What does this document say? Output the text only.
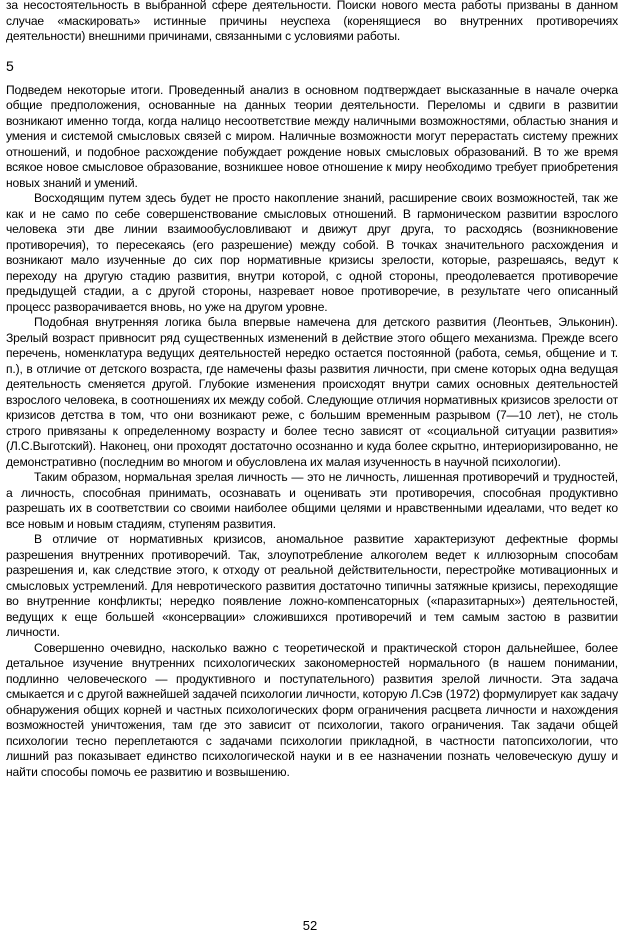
за несостоятельность в выбранной сфере деятельности. Поиски нового места работы призваны в данном случае «маскировать» истинные причины неуспеха (коренящиеся во внутренних противоречиях деятельности) внешними причинами, связанными с условиями работы.

5

Подведем некоторые итоги. Проведенный анализ в основном подтверждает высказанные в начале очерка общие предположения, основанные на данных теории деятельности. Переломы и сдвиги в развитии возникают именно тогда, когда налицо несоответствие между наличными возможностями, областью знания и умения и системой смысловых связей с миром. Наличные возможности могут перерастать систему прежних отношений, и подобное расхождение побуждает рождение новых смысловых образований. В то же время всякое новое смысловое образование, возникшее новое отношение к миру необходимо требует приобретения новых знаний и умений.

Восходящим путем здесь будет не просто накопление знаний, расширение своих возможностей, так же как и не само по себе совершенствование смысловых отношений. В гармоническом развитии взрослого человека эти две линии взаимообусловливают и движут друг друга, то расходясь (возникновение противоречия), то пересекаясь (его разрешение) между собой. В точках значительного расхождения и возникают мало изученные до сих пор нормативные кризисы зрелости, которые, разрешаясь, ведут к переходу на другую стадию развития, внутри которой, с одной стороны, преодолевается противоречие предыдущей стадии, а с другой стороны, назревает новое противоречие, в результате чего описанный процесс разворачивается вновь, но уже на другом уровне.

Подобная внутренняя логика была впервые намечена для детского развития (Леонтьев, Эльконин). Зрелый возраст привносит ряд существенных изменений в действие этого общего механизма. Прежде всего перечень, номенклатура ведущих деятельностей нередко остается постоянной (работа, семья, общение и т. п.), в отличие от детского возраста, где намечены фазы развития личности, при смене которых одна ведущая деятельность сменяется другой. Глубокие изменения происходят внутри самих основных деятельностей взрослого человека, в соотношениях их между собой. Следующие отличия нормативных кризисов зрелости от кризисов детства в том, что они возникают реже, с большим временным разрывом (7—10 лет), не столь строго привязаны к определенному возрасту и более тесно зависят от «социальной ситуации развития» (Л.С.Выготский). Наконец, они проходят достаточно осознанно и куда более скрытно, интериоризированно, не демонстративно (последним во многом и обусловлена их малая изученность в научной психологии).

Таким образом, нормальная зрелая личность — это не личность, лишенная противоречий и трудностей, а личность, способная принимать, осознавать и оценивать эти противоречия, способная продуктивно разрешать их в соответствии со своими наиболее общими целями и нравственными идеалами, что ведет ко все новым и новым стадиям, ступеням развития.

В отличие от нормативных кризисов, аномальное развитие характеризуют дефектные формы разрешения внутренних противоречий. Так, злоупотребление алкоголем ведет к иллюзорным способам разрешения и, как следствие этого, к отходу от реальной действительности, перестройке мотивационных и смысловых устремлений. Для невротического развития достаточно типичны затяжные кризисы, переходящие во внутренние конфликты; нередко появление ложно-компенсаторных («паразитарных») деятельностей, ведущих к еще большей «консервации» сложившихся противоречий и тем самым застою в развитии личности.

Совершенно очевидно, насколько важно с теоретической и практической сторон дальнейшее, более детальное изучение внутренних психологических закономерностей нормального (в нашем понимании, подлинно человеческого — продуктивного и поступательного) развития зрелой личности. Эта задача смыкается и с другой важнейшей задачей психологии личности, которую Л.Сэв (1972) формулирует как задачу обнаружения общих корней и частных психологических форм ограничения расцвета личности и нахождения возможностей уничтожения, там где это зависит от психологии, такого ограничения. Так задачи общей психологии тесно переплетаются с задачами психологии прикладной, в частности патопсихологии, что лишний раз показывает единство психологической науки и в ее назначении познать человеческую душу и найти способы помочь ее развитию и возвышению.

52
